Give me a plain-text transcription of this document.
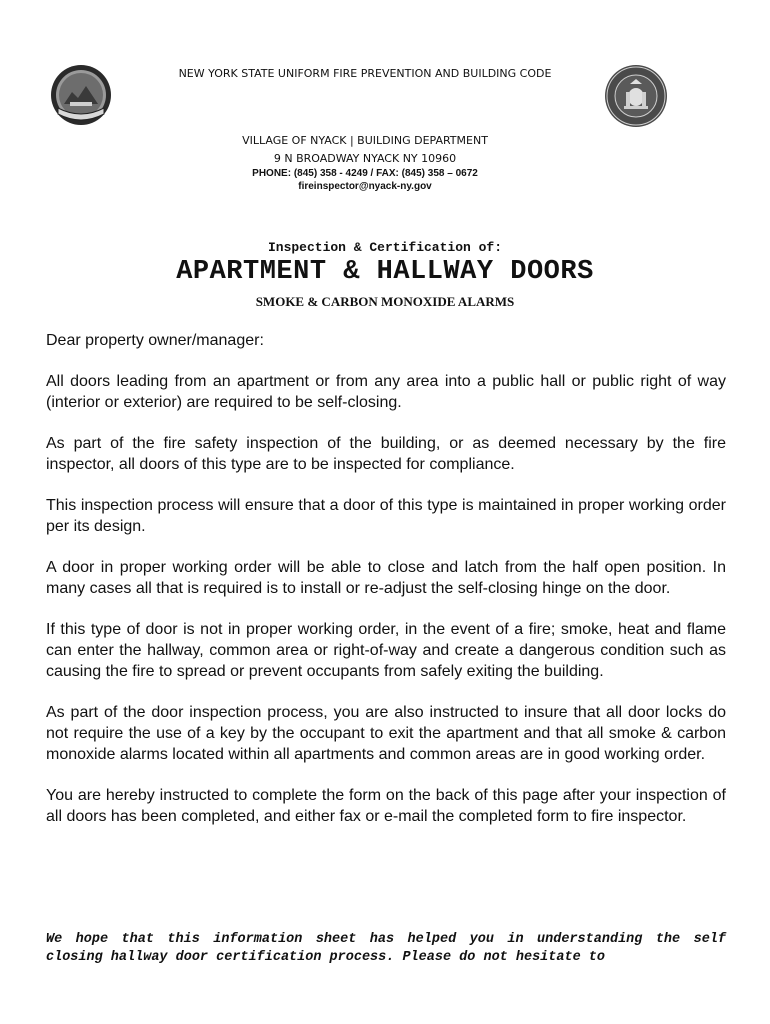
NEW YORK STATE UNIFORM FIRE PREVENTION AND BUILDING CODE
VILLAGE OF NYACK | BUILDING DEPARTMENT
9 N BROADWAY NYACK NY 10960
PHONE: (845) 358 - 4249 / FAX: (845) 358 – 0672
fireinspector@nyack-ny.gov
Inspection & Certification of:
APARTMENT & HALLWAY DOORS
SMOKE & CARBON MONOXIDE ALARMS

Dear property owner/manager:

All doors leading from an apartment or from any area into a public hall or public right of way (interior or exterior) are required to be self-closing.

As part of the fire safety inspection of the building, or as deemed necessary by the fire inspector, all doors of this type are to be inspected for compliance.

This inspection process will ensure that a door of this type is maintained in proper working order per its design.

A door in proper working order will be able to close and latch from the half open position. In many cases all that is required is to install or re-adjust the self-closing hinge on the door.

If this type of door is not in proper working order, in the event of a fire; smoke, heat and flame can enter the hallway, common area or right-of-way and create a dangerous condition such as causing the fire to spread or prevent occupants from safely exiting the building.

As part of the door inspection process, you are also instructed to insure that all door locks do not require the use of a key by the occupant to exit the apartment and that all smoke & carbon monoxide alarms located within all apartments and common areas are in good working order.

You are hereby instructed to complete the form on the back of this page after your inspection of all doors has been completed, and either fax or e-mail the completed form to fire inspector.

We hope that this information sheet has helped you in understanding the self closing hallway door certification process. Please do not hesitate to
